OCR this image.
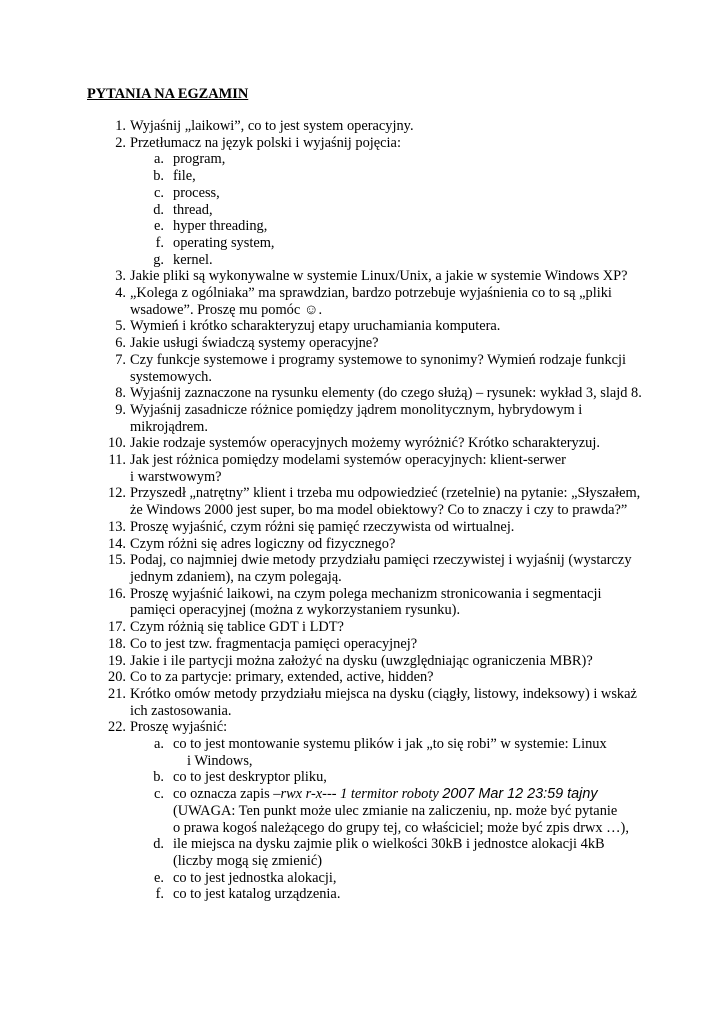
PYTANIA NA EGZAMIN
1. Wyjaśnij „laikowi”, co to jest system operacyjny.
2. Przetłumacz na język polski i wyjaśnij pojęcia:
a. program,
b. file,
c. process,
d. thread,
e. hyper threading,
f. operating system,
g. kernel.
3. Jakie pliki są wykonywalne w systemie Linux/Unix, a jakie w systemie Windows XP?
4. „Kolega z ogólniaka” ma sprawdzian, bardzo potrzebuje wyjaśnienia co to są „pliki
wsadowe”. Proszę mu pomóc ☺.
5. Wymień i krótko scharakteryzuj etapy uruchamiania komputera.
6. Jakie usługi świadczą systemy operacyjne?
7. Czy funkcje systemowe i programy systemowe to synonimy? Wymień rodzaje funkcji
systemowych.
8. Wyjaśnij zaznaczone na rysunku elementy (do czego służą) – rysunek: wykład 3, slajd 8.
9. Wyjaśnij zasadnicze różnice pomiędzy jądrem monolitycznym, hybrydowym i
mikrojądrem.
10. Jakie rodzaje systemów operacyjnych możemy wyróżnić? Krótko scharakteryzuj.
11. Jak jest różnica pomiędzy modelami systemów operacyjnych: klient-serwer
i warstwowym?
12. Przyszedł „natrętny” klient i trzeba mu odpowiedzieć (rzetelnie) na pytanie: „Słyszałem,
że Windows 2000 jest super, bo ma model obiektowy? Co to znaczy i czy to prawda?”
13. Proszę wyjaśnić, czym różni się pamięć rzeczywista od wirtualnej.
14. Czym różni się adres logiczny od fizycznego?
15. Podaj, co najmniej dwie metody przydziału pamięci rzeczywistej i wyjaśnij (wystarczy
jednym zdaniem), na czym polegają.
16. Proszę wyjaśnić laikowi, na czym polega mechanizm stronicowania i segmentacji
pamięci operacyjnej (można z wykorzystaniem rysunku).
17. Czym różnią się tablice GDT i LDT?
18. Co to jest tzw. fragmentacja pamięci operacyjnej?
19. Jakie i ile partycji można założyć na dysku (uwzględniając ograniczenia MBR)?
20. Co to za partycje: primary, extended, active, hidden?
21. Krótko omów metody przydziału miejsca na dysku (ciągły, listowy, indeksowy) i wskaż
ich zastosowania.
22. Proszę wyjaśnić:
a. co to jest montowanie systemu plików i jak „to się robi” w systemie: Linux
i Windows,
b. co to jest deskryptor pliku,
c. co oznacza zapis –rwx r-x--- 1 termitor roboty 2007 Mar 12 23:59 tajny
(UWAGA: Ten punkt może ulec zmianie na zaliczeniu, np. może być pytanie
o prawa kogoś należącego do grupy tej, co właściciel; może być zpis drwx …),
d. ile miejsca na dysku zajmie plik o wielkości 30kB i jednostce alokacji 4kB
(liczby mogą się zmienić)
e. co to jest jednostka alokacji,
f. co to jest katalog urządzenia.
